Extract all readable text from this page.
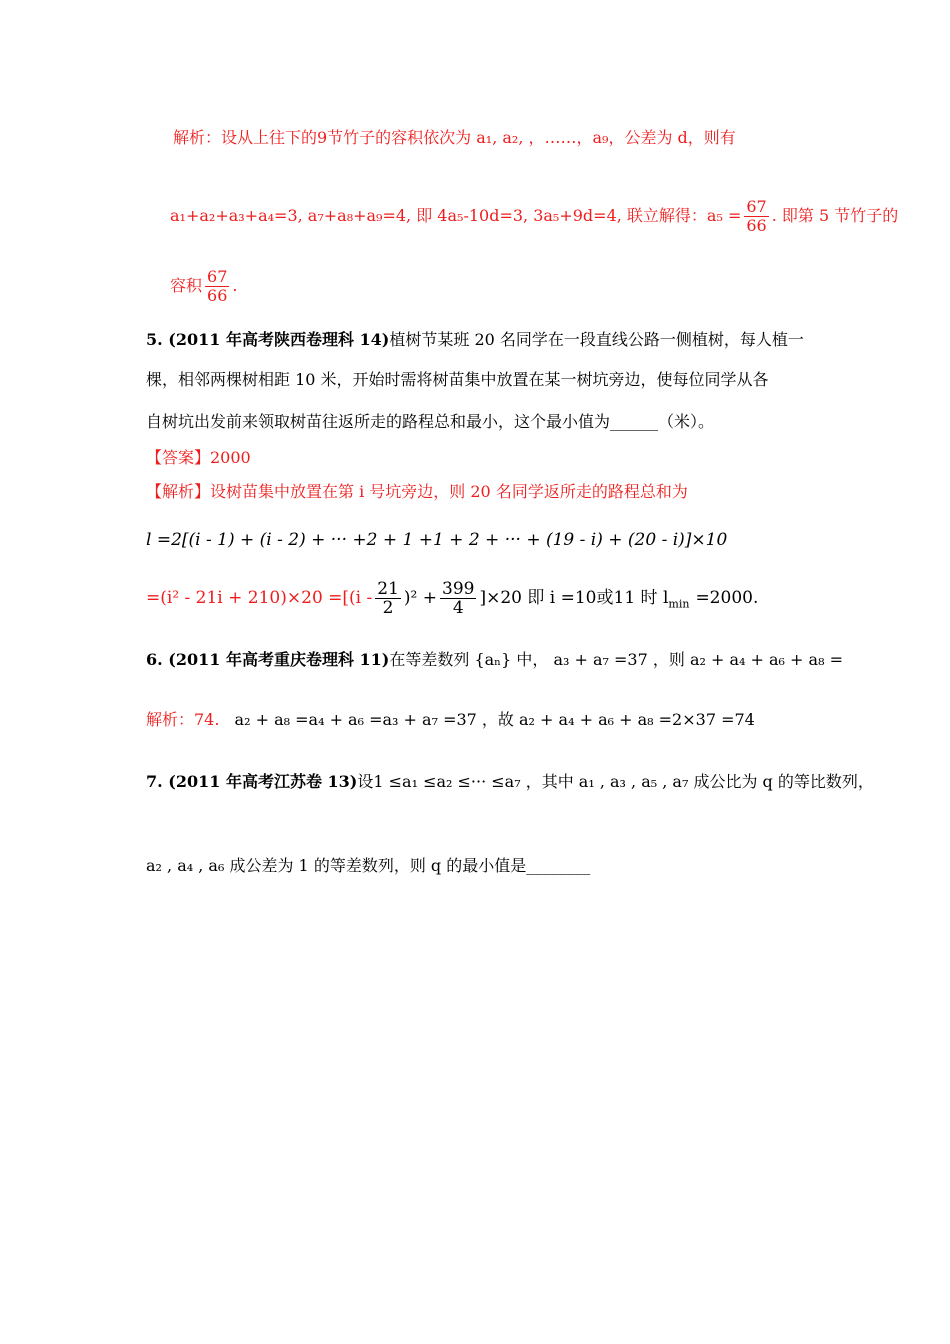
解析：设从上往下的9节竹子的容积依次为 a₁, a₂, ，……，a₉，公差为 d，则有
a₁+a₂+a₃+a₄=3, a₇+a₈+a₉=4, 即 4a₅-10d=3, 3a₅+9d=4, 联立解得：$a_5 = \frac{67}{66}$ . 即第 5 节竹子的
容积 $\frac{67}{66}$ .
5. (2011 年高考陕西卷理科 14)植树节某班 20 名同学在一段直线公路一侧植树，每人植一
棵，相邻两棵树相距 10 米，开始时需将树苗集中放置在某一树坑旁边，使每位同学从各
自树坑出发前来领取树苗往返所走的路程总和最小，这个最小值为______（米）。
【答案】2000
【解析】设树苗集中放置在第 i 号坑旁边，则 20 名同学返所走的路程总和为
l =2[(i - 1) + (i - 2) + ··· +2 + 1 +1 + 2 + ··· + (19 - i) + (20 - i)]×10
$=(i^2 - 21i + 210)\times 20 =[(i - \frac{21}{2} )^2 + \frac{399}{4} ]\times 20$ 即 i =10或11 时 $l_{min} =2000$.
6. (2011 年高考重庆卷理科 11)在等差数列 {aₙ} 中， a₃ + a₇ =37 ，则 a₂ + a₄ + a₆ + a₈ =
解析：74. a₂ + a₈ =a₄ + a₆ =a₃ + a₇ =37 ，故 a₂ + a₄ + a₆ + a₈ =2×37 =74
7. (2011 年高考江苏卷 13)设1 ≤a₁ ≤a₂ ≤··· ≤a₇ ，其中 a₁ , a₃ , a₅ , a₇ 成公比为 q 的等比数列，
a₂ , a₄ , a₆ 成公差为 1 的等差数列，则 q 的最小值是________
